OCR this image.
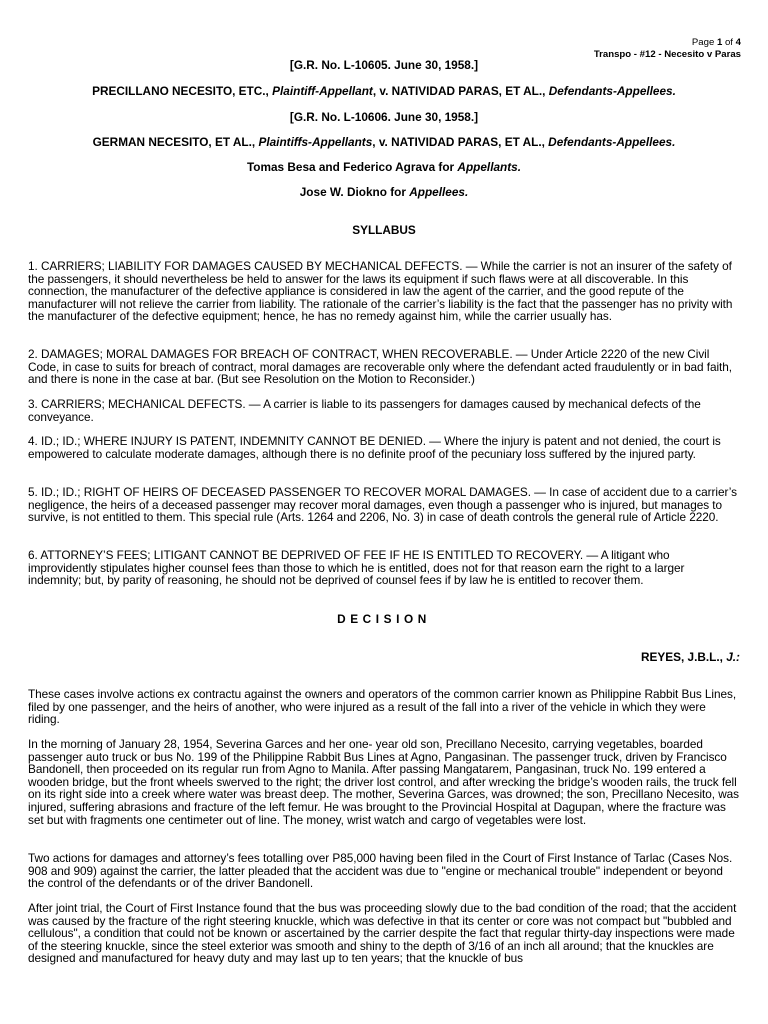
Page 1 of 4
Transpo - #12 - Necesito v Paras

[G.R. No. L-10605. June 30, 1958.]

PRECILLANO NECESITO, ETC., Plaintiff-Appellant, v. NATIVIDAD PARAS, ET AL., Defendants-Appellees.

[G.R. No. L-10606. June 30, 1958.]

GERMAN NECESITO, ET AL., Plaintiffs-Appellants, v. NATIVIDAD PARAS, ET AL., Defendants-Appellees.

Tomas Besa and Federico Agrava for Appellants.

Jose W. Diokno for Appellees.

SYLLABUS

1. CARRIERS; LIABILITY FOR DAMAGES CAUSED BY MECHANICAL DEFECTS. — While the carrier is not an insurer of the safety of the passengers, it should nevertheless be held to answer for the laws its equipment if such flaws were at all discoverable. In this connection, the manufacturer of the defective appliance is considered in law the agent of the carrier, and the good repute of the manufacturer will not relieve the carrier from liability. The rationale of the carrier’s liability is the fact that the passenger has no privity with the manufacturer of the defective equipment; hence, he has no remedy against him, while the carrier usually has.

2. DAMAGES; MORAL DAMAGES FOR BREACH OF CONTRACT, WHEN RECOVERABLE. — Under Article 2220 of the new Civil Code, in case to suits for breach of contract, moral damages are recoverable only where the defendant acted fraudulently or in bad faith, and there is none in the case at bar. (But see Resolution on the Motion to Reconsider.)

3. CARRIERS; MECHANICAL DEFECTS. — A carrier is liable to its passengers for damages caused by mechanical defects of the conveyance.

4. ID.; ID.; WHERE INJURY IS PATENT, INDEMNITY CANNOT BE DENIED. — Where the injury is patent and not denied, the court is empowered to calculate moderate damages, although there is no definite proof of the pecuniary loss suffered by the injured party.

5. ID.; ID.; RIGHT OF HEIRS OF DECEASED PASSENGER TO RECOVER MORAL DAMAGES. — In case of accident due to a carrier’s negligence, the heirs of a deceased passenger may recover moral damages, even though a passenger who is injured, but manages to survive, is not entitled to them. This special rule (Arts. 1264 and 2206, No. 3) in case of death controls the general rule of Article 2220.

6. ATTORNEY’S FEES; LITIGANT CANNOT BE DEPRIVED OF FEE IF HE IS ENTITLED TO RECOVERY. — A litigant who improvidently stipulates higher counsel fees than those to which he is entitled, does not for that reason earn the right to a larger indemnity; but, by parity of reasoning, he should not be deprived of counsel fees if by law he is entitled to recover them.

DECISION

REYES, J.B.L., J.:

These cases involve actions ex contractu against the owners and operators of the common carrier known as Philippine Rabbit Bus Lines, filed by one passenger, and the heirs of another, who were injured as a result of the fall into a river of the vehicle in which they were riding.

In the morning of January 28, 1954, Severina Garces and her one- year old son, Precillano Necesito, carrying vegetables, boarded passenger auto truck or bus No. 199 of the Philippine Rabbit Bus Lines at Agno, Pangasinan. The passenger truck, driven by Francisco Bandonell, then proceeded on its regular run from Agno to Manila. After passing Mangatarem, Pangasinan, truck No. 199 entered a wooden bridge, but the front wheels swerved to the right; the driver lost control, and after wrecking the bridge’s wooden rails, the truck fell on its right side into a creek where water was breast deep. The mother, Severina Garces, was drowned; the son, Precillano Necesito, was injured, suffering abrasions and fracture of the left femur. He was brought to the Provincial Hospital at Dagupan, where the fracture was set but with fragments one centimeter out of line. The money, wrist watch and cargo of vegetables were lost.

Two actions for damages and attorney’s fees totalling over P85,000 having been filed in the Court of First Instance of Tarlac (Cases Nos. 908 and 909) against the carrier, the latter pleaded that the accident was due to "engine or mechanical trouble" independent or beyond the control of the defendants or of the driver Bandonell.

After joint trial, the Court of First Instance found that the bus was proceeding slowly due to the bad condition of the road; that the accident was caused by the fracture of the right steering knuckle, which was defective in that its center or core was not compact but "bubbled and cellulous", a condition that could not be known or ascertained by the carrier despite the fact that regular thirty-day inspections were made of the steering knuckle, since the steel exterior was smooth and shiny to the depth of 3/16 of an inch all around; that the knuckles are designed and manufactured for heavy duty and may last up to ten years; that the knuckle of bus
